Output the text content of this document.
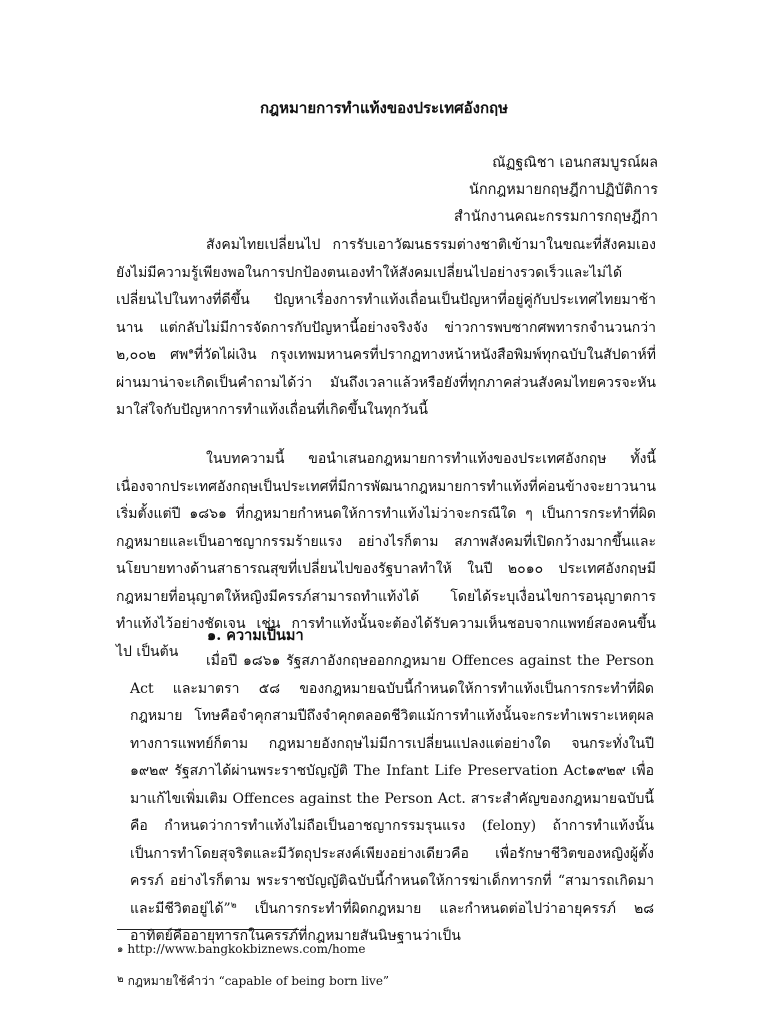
กฎหมายการทำแท้งของประเทศอังกฤษ
ณัฏฐณิชา เอนกสมบูรณ์ผล
นักกฎหมายกฤษฎีกาปฏิบัติการ
สำนักงานคณะกรรมการกฤษฎีกา
สังคมไทยเปลี่ยนไป การรับเอาวัฒนธรรมต่างชาติเข้ามาในขณะที่สังคมเองยังไม่มีความรู้เพียงพอในการปกป้องตนเองทำให้สังคมเปลี่ยนไปอย่างรวดเร็วและไม่ได้เปลี่ยนไปในทางที่ดีขึ้น ปัญหาเรื่องการทำแท้งเถื่อนเป็นปัญหาที่อยู่คู่กับประเทศไทยมาช้านาน แต่กลับไม่มีการจัดการกับปัญหานี้อย่างจริงจัง ข่าวการพบซากศพทารกจำนวนกว่า ๒,๐๐๒ ศพ$^๑$ที่วัดไผ่เงิน กรุงเทพมหานครที่ปรากฏทางหน้าหนังสือพิมพ์ทุกฉบับในสัปดาห์ที่ผ่านมาน่าจะเกิดเป็นคำถามได้ว่า มันถึงเวลาแล้วหรือยังที่ทุกภาคส่วนสังคมไทยควรจะหันมาใส่ใจกับปัญหาการทำแท้งเถื่อนที่เกิดขึ้นในทุกวันนี้
ในบทความนี้ ขอนำเสนอกฎหมายการทำแท้งของประเทศอังกฤษ ทั้งนี้ เนื่องจากประเทศอังกฤษเป็นประเทศที่มีการพัฒนากฎหมายการทำแท้งที่ค่อนข้างจะยาวนาน เริ่มตั้งแต่ปี ๑๘๖๑ ที่กฎหมายกำหนดให้การทำแท้งไม่ว่าจะกรณีใด ๆ เป็นการกระทำที่ผิดกฎหมายและเป็นอาชญากรรมร้ายแรง อย่างไรก็ตาม สภาพสังคมที่เปิดกว้างมากขึ้นและนโยบายทางด้านสาธารณสุขที่เปลี่ยนไปของรัฐบาลทำให้ ในปี ๒๐๑๐ ประเทศอังกฤษมีกฎหมายที่อนุญาตให้หญิงมีครรภ์สามารถทำแท้งได้ โดยได้ระบุเงื่อนไขการอนุญาตการทำแท้งไว้อย่างชัดเจน เช่น การทำแท้งนั้นจะต้องได้รับความเห็นชอบจากแพทย์สองคนขึ้นไป เป็นต้น
๑. ความเป็นมา
เมื่อปี ๑๘๖๑ รัฐสภาอังกฤษออกกฎหมาย Offences against the Person Act และมาตรา ๕๘ ของกฎหมายฉบับนี้กำหนดให้การทำแท้งเป็นการกระทำที่ผิดกฎหมาย โทษคือจำคุกสามปีถึงจำคุกตลอดชีวิตแม้การทำแท้งนั้นจะกระทำเพราะเหตุผลทางการแพทย์ก็ตาม กฎหมายอังกฤษไม่มีการเปลี่ยนแปลงแต่อย่างใด จนกระทั่งในปี ๑๙๒๙ รัฐสภาได้ผ่านพระราชบัญญัติ The Infant Life Preservation Act๑๙๒๙ เพื่อมาแก้ไขเพิ่มเติม Offences against the Person Act. สาระสำคัญของกฎหมายฉบับนี้คือ กำหนดว่าการทำแท้งไม่ถือเป็นอาชญากรรมรุนแรง (felony) ถ้าการทำแท้งนั้นเป็นการทำโดยสุจริตและมีวัตถุประสงค์เพียงอย่างเดียวคือ เพื่อรักษาชีวิตของหญิงผู้ตั้งครรภ์ อย่างไรก็ตาม พระราชบัญญัติฉบับนี้กำหนดให้การฆ่าเด็กทารกที่ “สามารถเกิดมาและมีชีวิตอยู่ได้”$^๒$ เป็นการกระทำที่ผิดกฎหมาย และกำหนดต่อไปว่าอายุครรภ์ ๒๘ อาทิตย์คืออายุทารกในครรภ์ที่กฎหมายสันนิษฐานว่าเป็น
$^๑$ http://www.bangkokbiznews.com/home
$^๒$ กฎหมายใช้คำว่า “capable of being born live”
